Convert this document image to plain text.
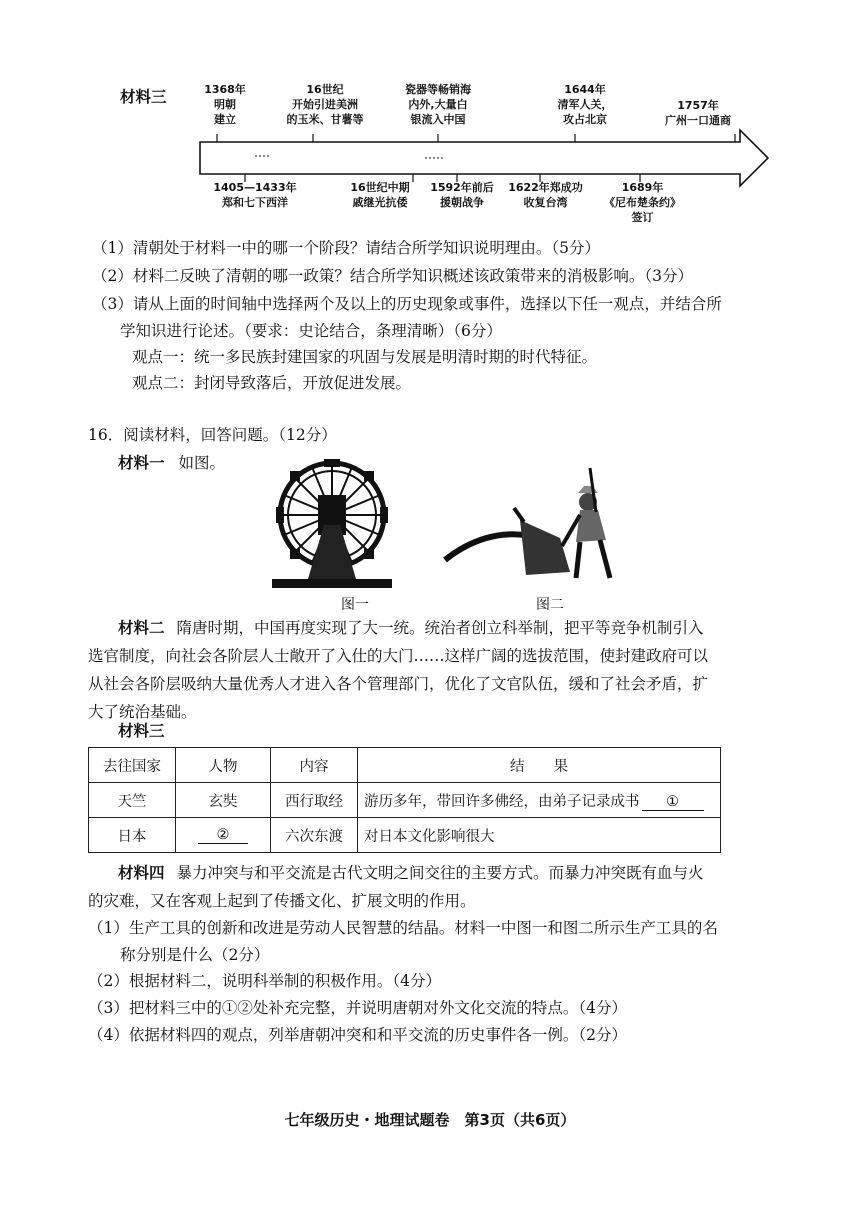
材料三	1368年
明朝
建立
16世纪
开始引进美洲
的玉米、甘薯等
瓷器等畅销海
内外,大量白
银流入中国
1644年
清军人关，
攻占北京
1757年
广州一口通商
1405—1433年
郑和七下西洋
16世纪中期
戚继光抗倭
1592年前后
援朝战争
1622年郑成功
收复台湾
1689年
《尼布楚条约》
签订
（1）清朝处于材料一中的哪一个阶段？请结合所学知识说明理由。（5分）
（2）材料二反映了清朝的哪一政策？结合所学知识概述该政策带来的消极影响。（3分）
（3）请从上面的时间轴中选择两个及以上的历史现象或事件，选择以下任一观点，并结合所
学知识进行论述。（要求：史论结合，条理清晰）（6分）
观点一：统一多民族封建国家的巩固与发展是明清时期的时代特征。
观点二：封闭导致落后，开放促进发展。
16．阅读材料，回答问题。（12分）
材料一 如图。
图一	图二
材料二 隋唐时期，中国再度实现了大一统。统治者创立科举制，把平等竞争机制引入
选官制度，向社会各阶层人士敞开了入仕的大门……这样广阔的选拔范围，使封建政府可以
从社会各阶层吸纳大量优秀人才进入各个管理部门，优化了文官队伍，缓和了社会矛盾，扩
大了统治基础。
材料三
去往国家	人物	内容	结　　果
天竺	玄奘	西行取经	游历多年，带回许多佛经，由弟子记录成书 ①
日本	②	六次东渡	对日本文化影响很大
材料四 暴力冲突与和平交流是古代文明之间交往的主要方式。而暴力冲突既有血与火
的灾难，又在客观上起到了传播文化、扩展文明的作用。
（1）生产工具的创新和改进是劳动人民智慧的结晶。材料一中图一和图二所示生产工具的名
称分别是什么（2分）
（2）根据材料二，说明科举制的积极作用。（4分）
（3）把材料三中的①②处补充完整，并说明唐朝对外文化交流的特点。（4分）
（4）依据材料四的观点，列举唐朝冲突和和平交流的历史事件各一例。（2分）
七年级历史・地理试题卷　第3页（共6页）
